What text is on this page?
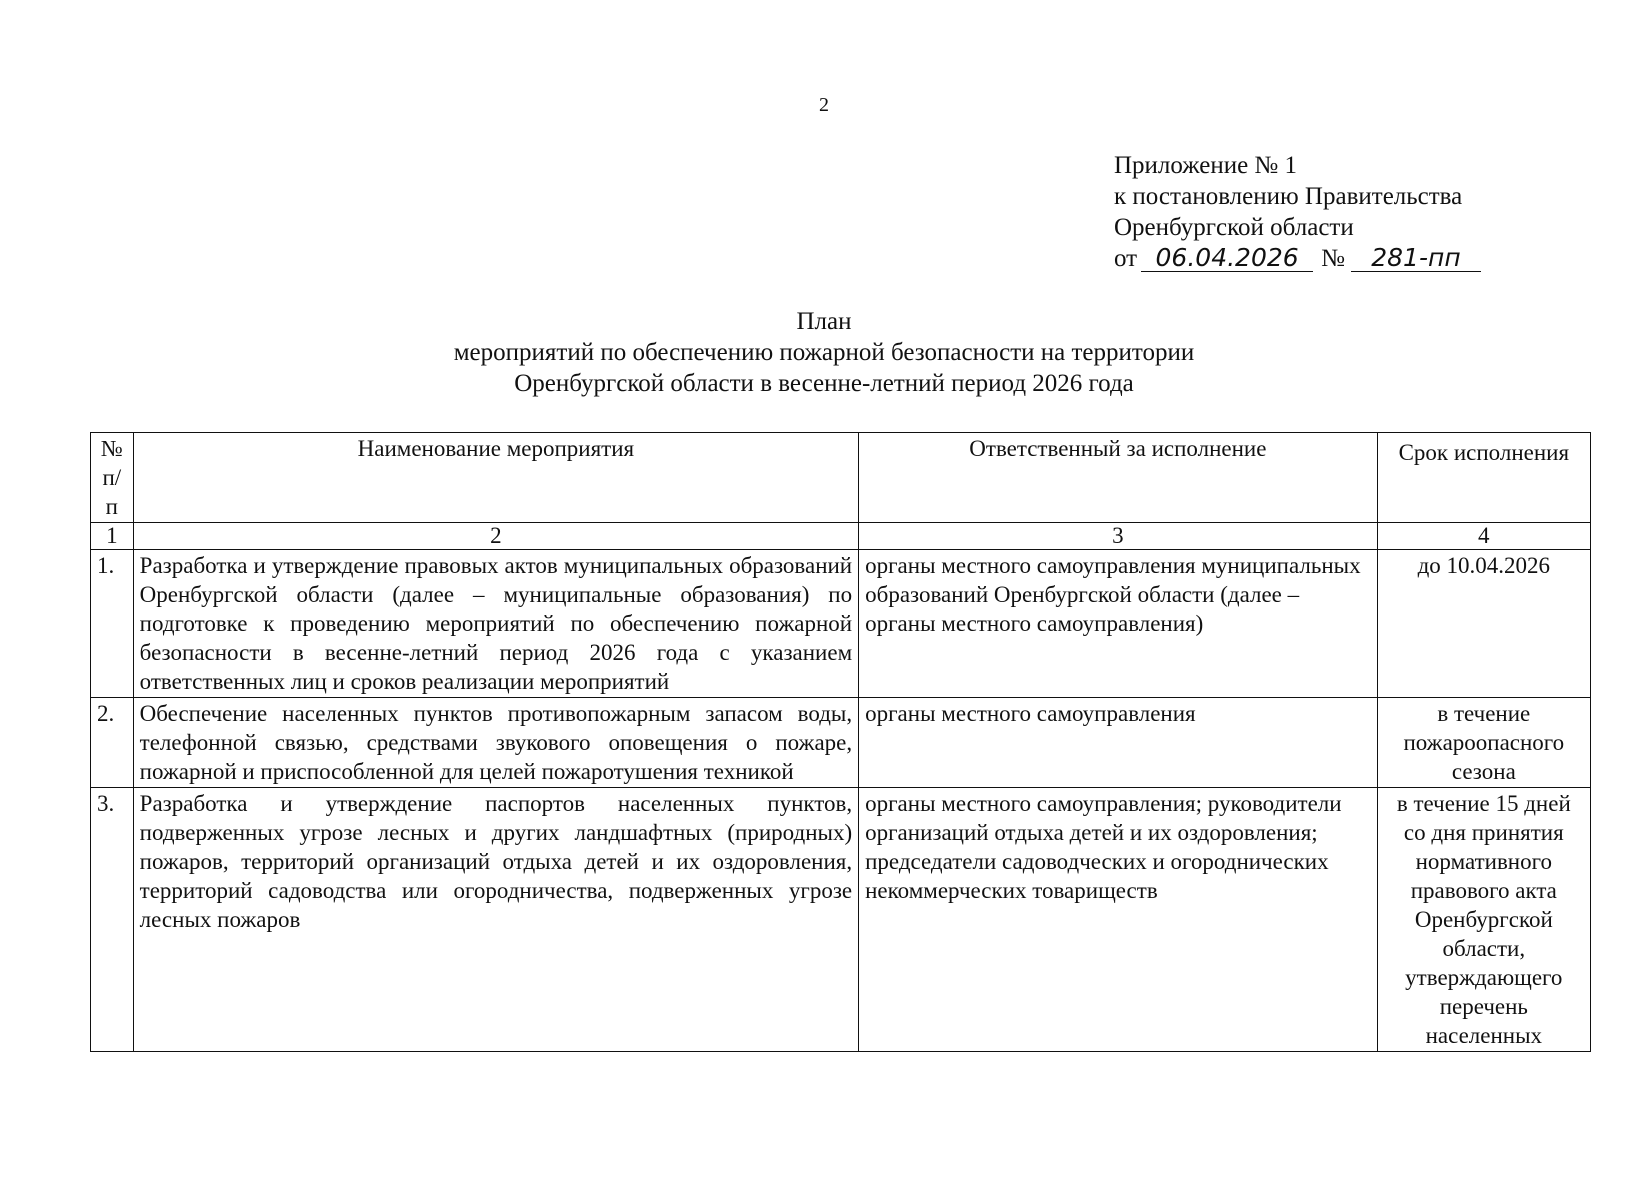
2
Приложение № 1
к постановлению Правительства
Оренбургской области
от 06.04.2026 № 281-пп
План
мероприятий по обеспечению пожарной безопасности на территории
Оренбургской области в весенне-летний период 2026 года
№ п/п	Наименование мероприятия	Ответственный за исполнение	Срок исполнения
1	2	3	4
1.	Разработка и утверждение правовых актов муниципальных образований Оренбургской области (далее – муниципальные образования) по подготовке к проведению мероприятий по обеспечению пожарной безопасности в весенне-летний период 2026 года с указанием ответственных лиц и сроков реализации мероприятий	органы местного самоуправления муниципальных образований Оренбургской области (далее – органы местного самоуправления)	до 10.04.2026
2.	Обеспечение населенных пунктов противопожарным запасом воды, телефонной связью, средствами звукового оповещения о пожаре, пожарной и приспособленной для целей пожаротушения техникой	органы местного самоуправления	в течение пожароопасного сезона
3.	Разработка и утверждение паспортов населенных пунктов, подверженных угрозе лесных и других ландшафтных (природных) пожаров, территорий организаций отдыха детей и их оздоровления, территорий садоводства или огородничества, подверженных угрозе лесных пожаров	органы местного самоуправления; руководители организаций отдыха детей и их оздоровления; председатели садоводческих и огороднических некоммерческих товариществ	в течение 15 дней со дня принятия нормативного правового акта Оренбургской области, утверждающего перечень населенных
